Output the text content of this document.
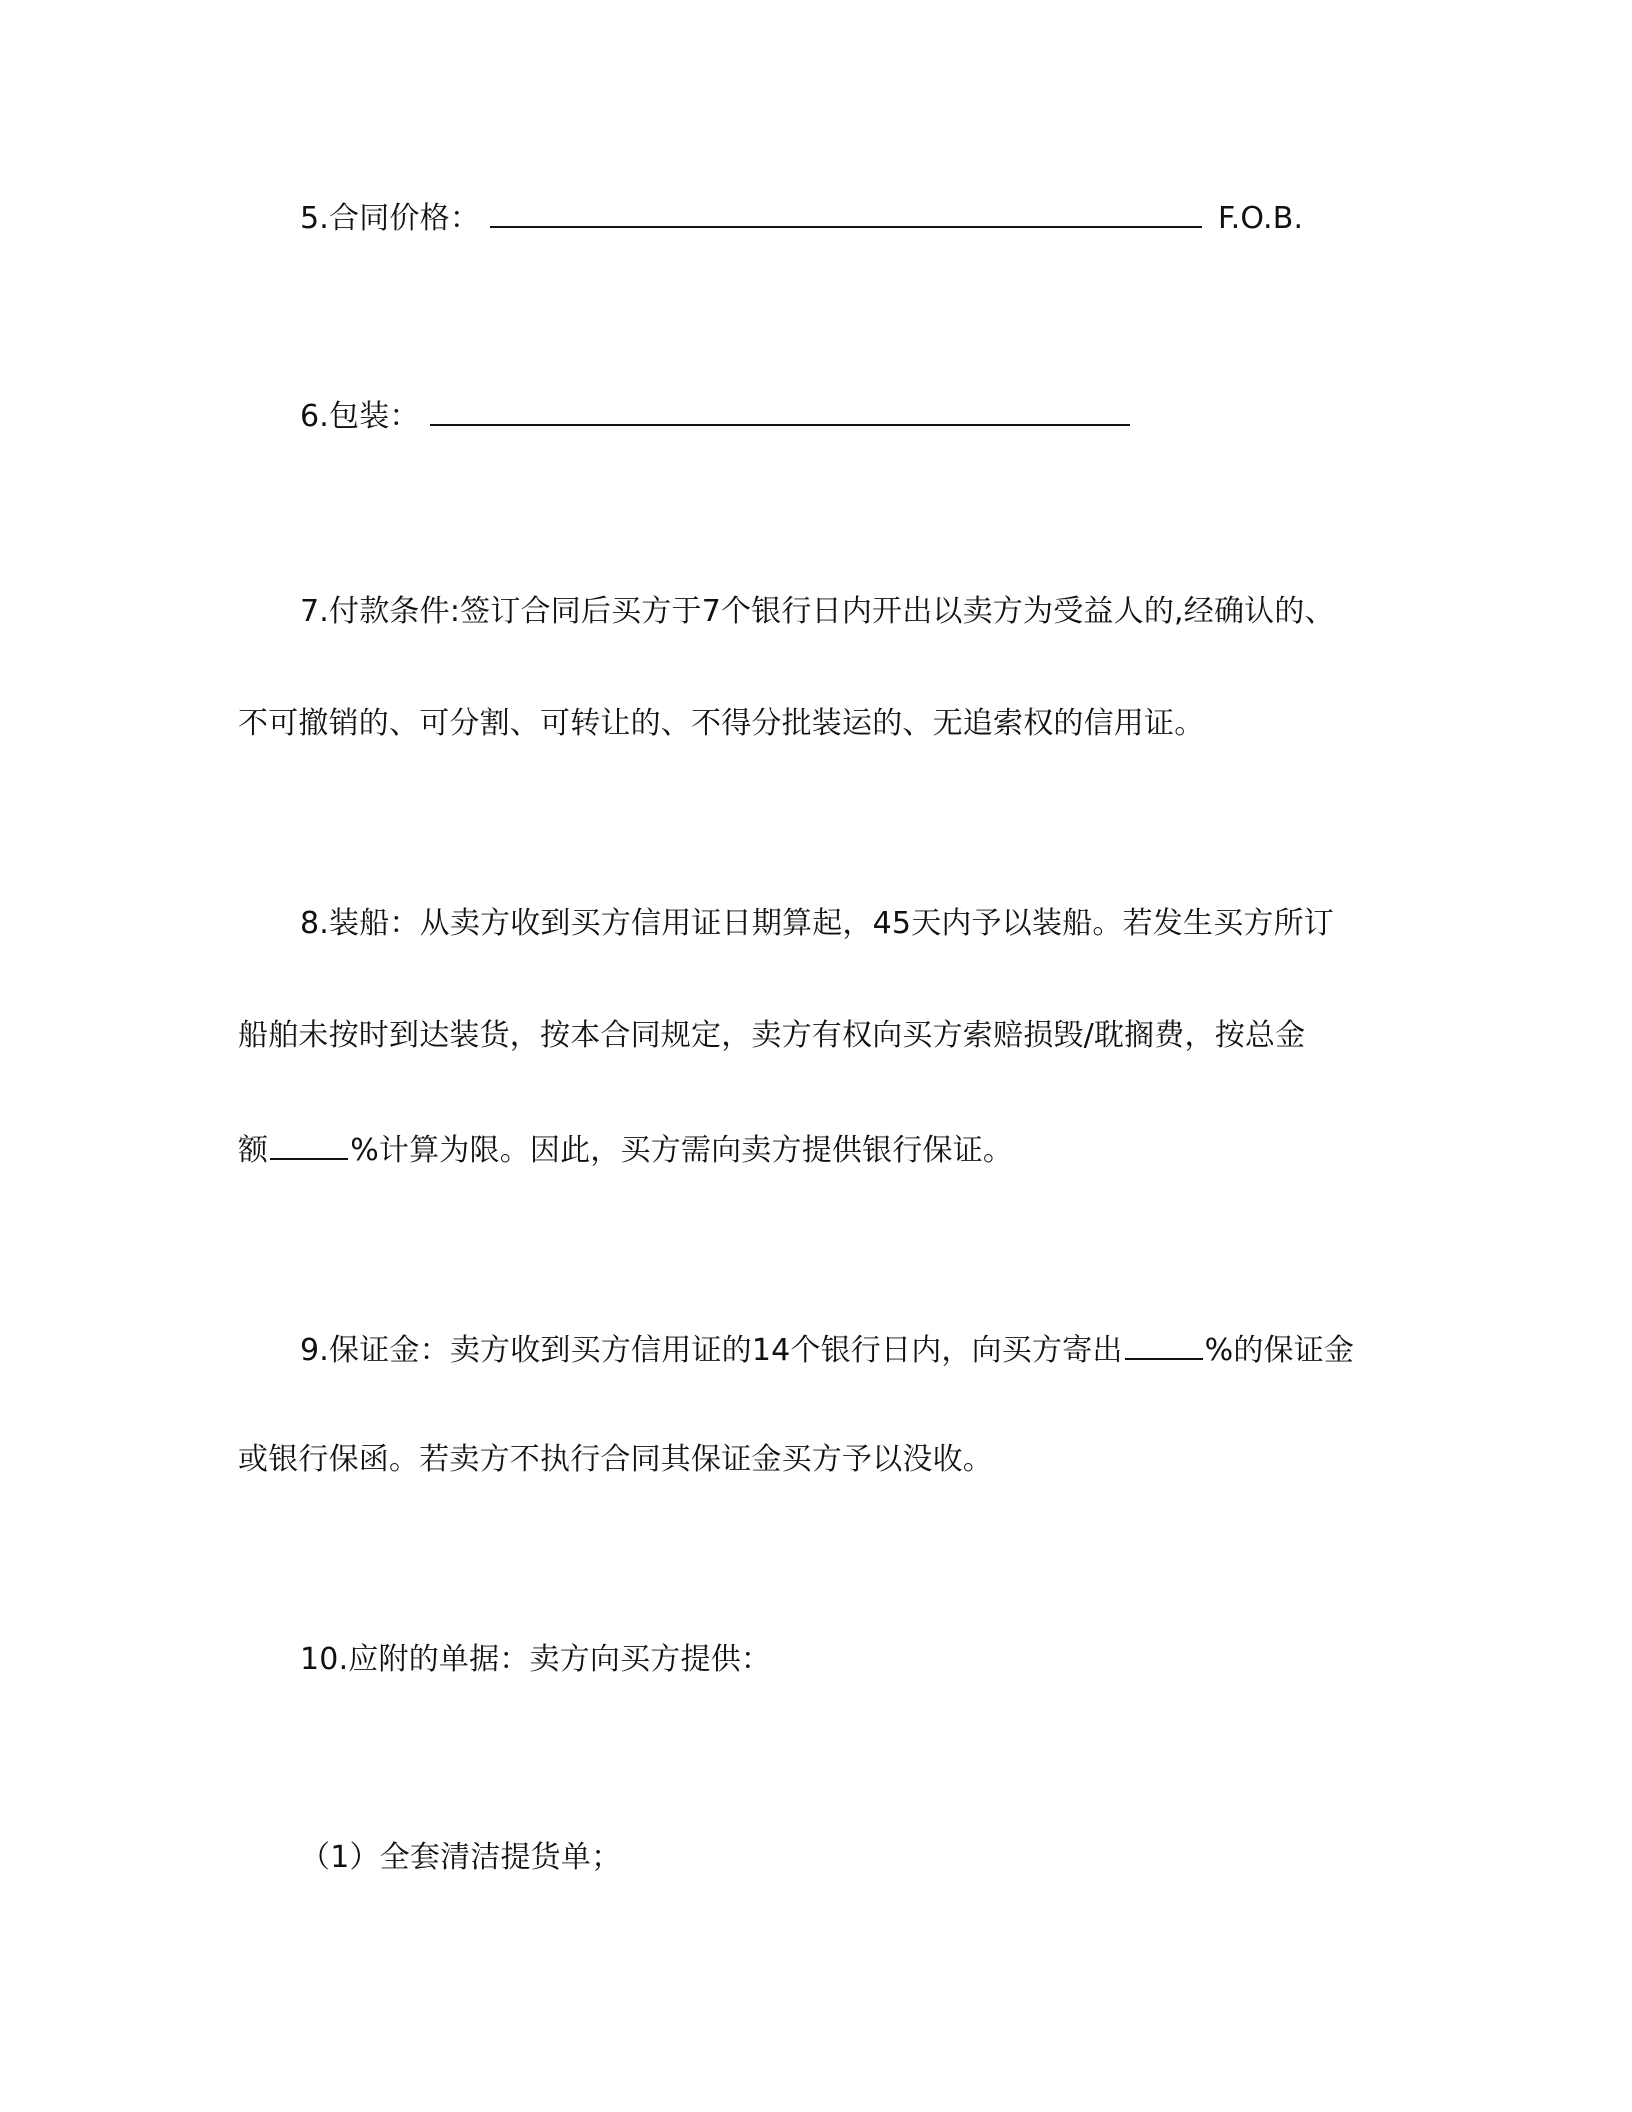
5.合同价格：	F.O.B.
6.包装：
7.付款条件:签订合同后买方于7个银行日内开出以卖方为受益人的,经确认的、
不可撤销的、可分割、可转让的、不得分批装运的、无追索权的信用证。
8.装船：从卖方收到买方信用证日期算起，45天内予以装船。若发生买方所订
船舶未按时到达装货，按本合同规定，卖方有权向买方索赔损毁/耽搁费，按总金
额	%计算为限。因此，买方需向卖方提供银行保证。
9.保证金：卖方收到买方信用证的14个银行日内，向买方寄出	%的保证金
或银行保函。若卖方不执行合同其保证金买方予以没收。
10.应附的单据：卖方向买方提供：
（1）全套清洁提货单；
